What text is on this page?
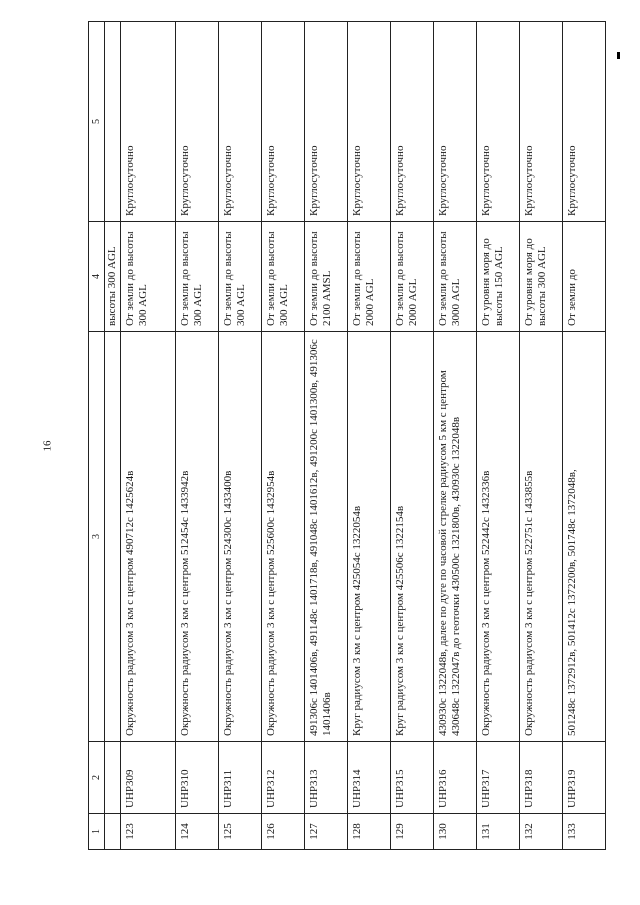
16
1	2	3	4	5
			высоты 300 AGL	
123	UHP309	Окружность радиусом 3 км с центром 490712с 1425624в	От земли до высоты 300 AGL	Круглосуточно
124	UHP310	Окружность радиусом 3 км с центром 512454с 1433942в	От земли до высоты 300 AGL	Круглосуточно
125	UHP311	Окружность радиусом 3 км с центром 524300с 1433400в	От земли до высоты 300 AGL	Круглосуточно
126	UHP312	Окружность радиусом 3 км с центром 525600с 1432954в	От земли до высоты 300 AGL	Круглосуточно
127	UHP313	491306с 1401406в, 491148с 1401718в, 491048с 1401612в, 491200с 1401300в, 491306с 1401406в	От земли до высоты 2100 AMSL	Круглосуточно
128	UHP314	Круг радиусом 3 км с центром 425054с 1322054в	От земли до высоты 2000 AGL	Круглосуточно
129	UHP315	Круг радиусом 3 км с центром 425506с 1322154в	От земли до высоты 2000 AGL	Круглосуточно
130	UHP316	430930с 1322048в, далее по дуге по часовой стрелке радиусом 5 км с центром 430648с 1322047в до геоточки 430500с 1321800в, 430930с 1322048в	От земли до высоты 3000 AGL	Круглосуточно
131	UHP317	Окружность радиусом 3 км с центром 522442с 1432336в	От уровня моря до высоты 150 AGL	Круглосуточно
132	UHP318	Окружность радиусом 3 км с центром 522751с 1433855в	От уровня моря до высоты 300 AGL	Круглосуточно
133	UHP319	501248с 1372912в, 501412с 1372200в, 501748с 1372048в,	От земли до	Круглосуточно
